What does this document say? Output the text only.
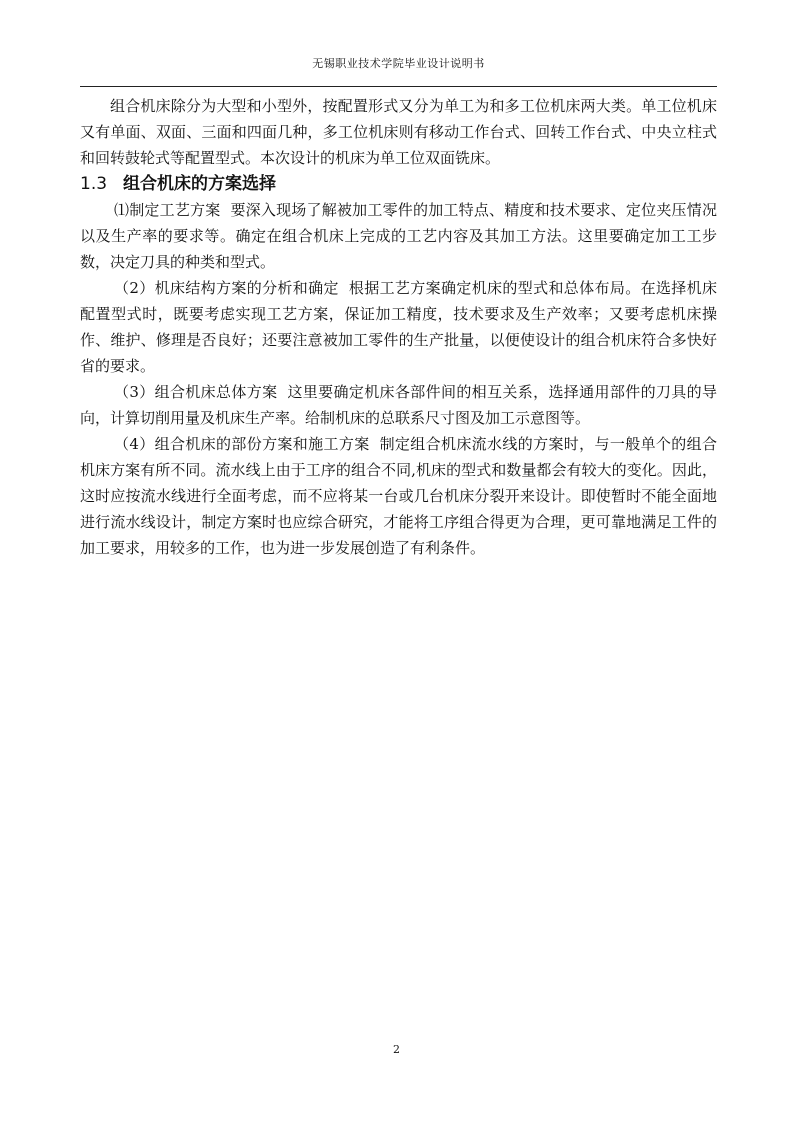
无锡职业技术学院毕业设计说明书

组合机床除分为大型和小型外，按配置形式又分为单工为和多工位机床两大类。单工位机床又有单面、双面、三面和四面几种，多工位机床则有移动工作台式、回转工作台式、中央立柱式和回转鼓轮式等配置型式。本次设计的机床为单工位双面铣床。

1.3 组合机床的方案选择

⑴制定工艺方案 要深入现场了解被加工零件的加工特点、精度和技术要求、定位夹压情况以及生产率的要求等。确定在组合机床上完成的工艺内容及其加工方法。这里要确定加工工步数，决定刀具的种类和型式。

（2）机床结构方案的分析和确定 根据工艺方案确定机床的型式和总体布局。在选择机床配置型式时，既要考虑实现工艺方案，保证加工精度，技术要求及生产效率；又要考虑机床操作、维护、修理是否良好；还要注意被加工零件的生产批量，以便使设计的组合机床符合多快好省的要求。

（3）组合机床总体方案 这里要确定机床各部件间的相互关系，选择通用部件的刀具的导向，计算切削用量及机床生产率。给制机床的总联系尺寸图及加工示意图等。

（4）组合机床的部份方案和施工方案 制定组合机床流水线的方案时，与一般单个的组合机床方案有所不同。流水线上由于工序的组合不同,机床的型式和数量都会有较大的变化。因此，这时应按流水线进行全面考虑，而不应将某一台或几台机床分裂开来设计。即使暂时不能全面地进行流水线设计，制定方案时也应综合研究，才能将工序组合得更为合理，更可靠地满足工件的加工要求，用较多的工作，也为进一步发展创造了有利条件。

2
